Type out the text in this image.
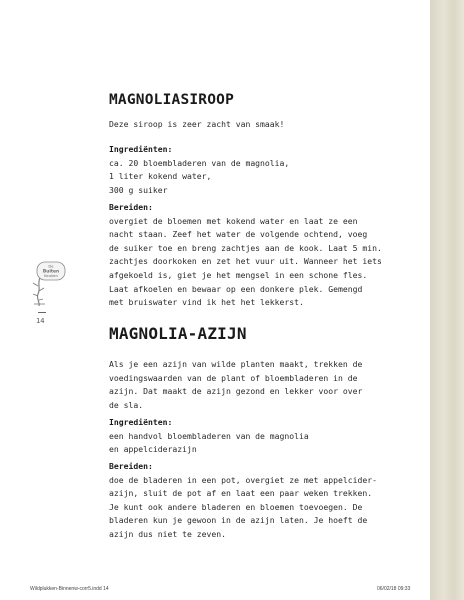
MAGNOLIASIROOP
Deze siroop is zeer zacht van smaak!
Ingrediënten:
ca. 20 bloembladeren van de magnolia,
1 liter kokend water,
300 g suiker
Bereiden:
overgiet de bloemen met kokend water en laat ze een
nacht staan. Zeef het water de volgende ochtend, voeg
de suiker toe en breng zachtjes aan de kook. Laat 5 min.
zachtjes doorkoken en zet het vuur uit. Wanneer het iets
afgekoeld is, giet je het mengsel in een schone fles.
Laat afkoelen en bewaar op een donkere plek. Gemengd
met bruiswater vind ik het het lekkerst.
De
Buiten
Keuken
14
MAGNOLIA-AZIJN
Als je een azijn van wilde planten maakt, trekken de
voedingswaarden van de plant of bloembladeren in de
azijn. Dat maakt de azijn gezond en lekker voor over
de sla.
Ingrediënten:
een handvol bloembladeren van de magnolia
en appelciderazijn
Bereiden:
doe de bladeren in een pot, overgiet ze met appelcider-
azijn, sluit de pot af en laat een paar weken trekken.
Je kunt ook andere bladeren en bloemen toevoegen. De
bladeren kun je gewoon in de azijn laten. Je hoeft de
azijn dus niet te zeven.
Wildplukken-Binnenw-corr5.indd 14	06/02/18 09:33
